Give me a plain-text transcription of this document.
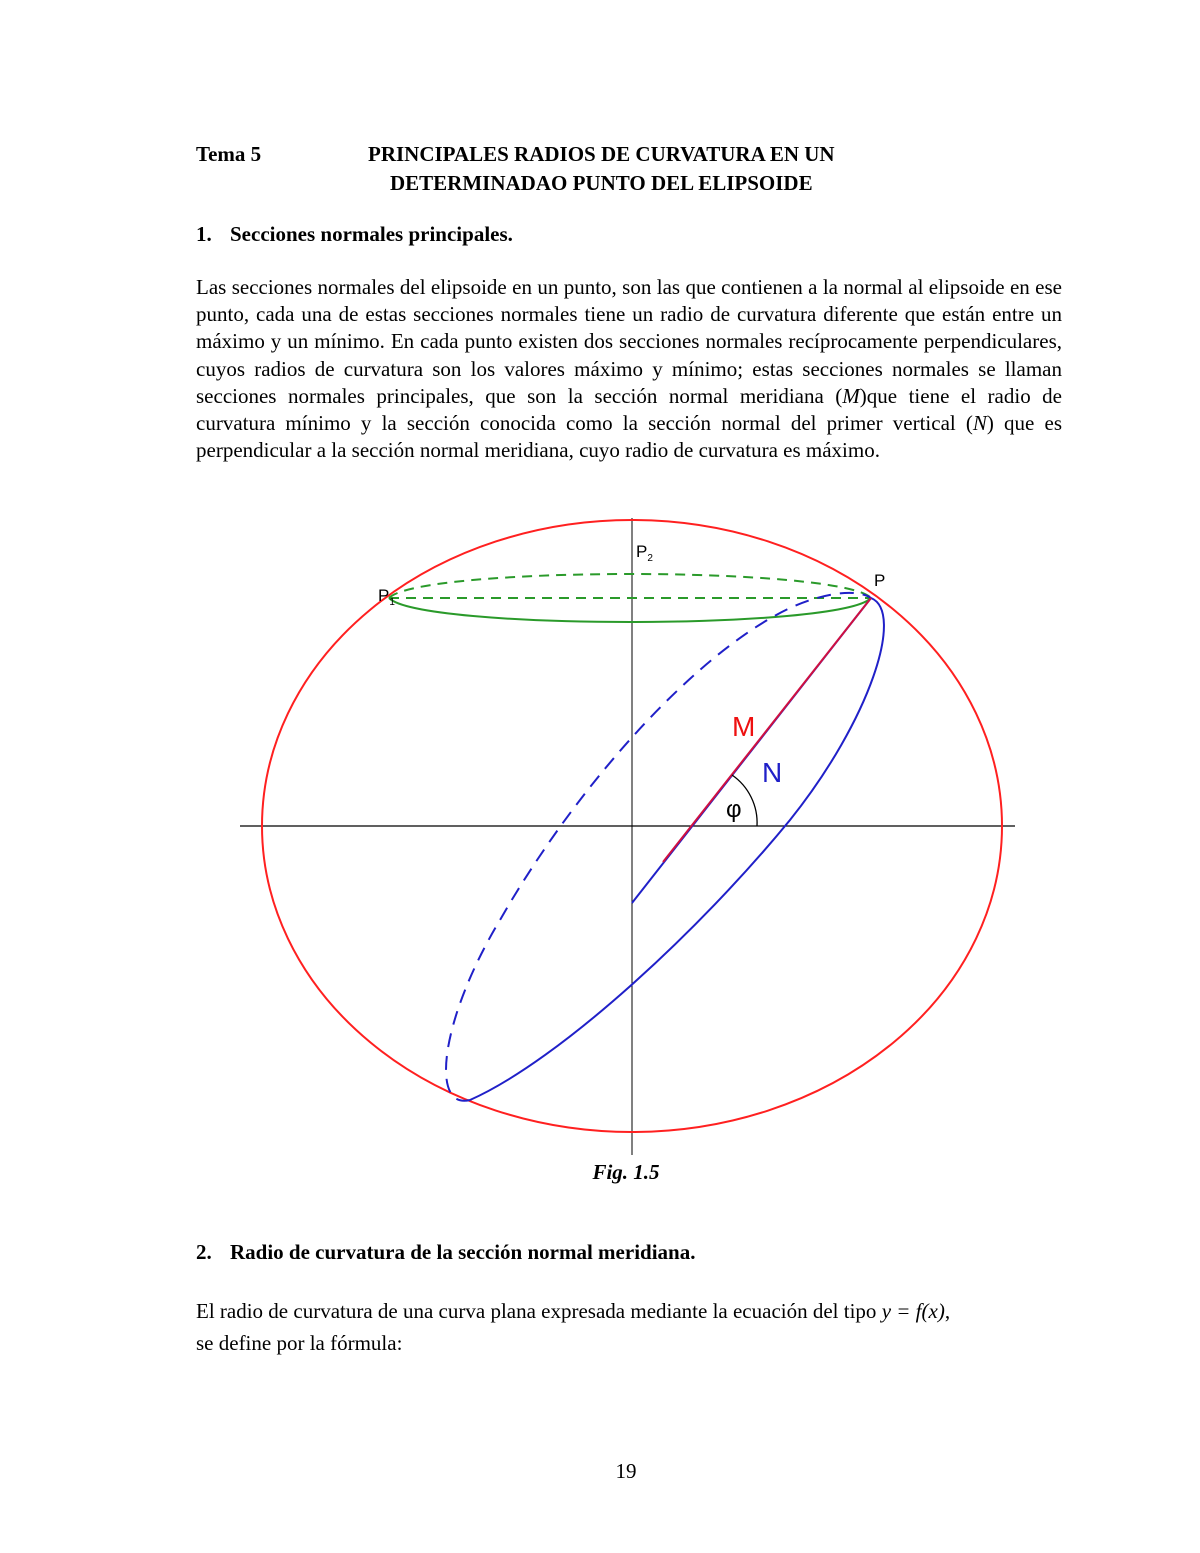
Tema 5	PRINCIPALES RADIOS DE CURVATURA EN UN
DETERMINADAO PUNTO DEL ELIPSOIDE
1. Secciones normales principales.
Las secciones normales del elipsoide en un punto, son las que contienen a la normal al elipsoide en ese punto, cada una de estas secciones normales tiene un radio de curvatura diferente que están entre un máximo y un mínimo. En cada punto existen dos secciones normales recíprocamente perpendiculares, cuyos radios de curvatura son los valores máximo y mínimo; estas secciones normales se llaman secciones normales principales, que son la sección normal meridiana (M)que tiene el radio de curvatura mínimo y la sección conocida como la sección normal del primer vertical (N) que es perpendicular a la sección normal meridiana, cuyo radio de curvatura es máximo.
$P_1$
$P_2$
P
M
N
φ
Fig. 1.5
2. Radio de curvatura de la sección normal meridiana.
El radio de curvatura de una curva plana expresada mediante la ecuación del tipo y = f(x),
se define por la fórmula:
19
